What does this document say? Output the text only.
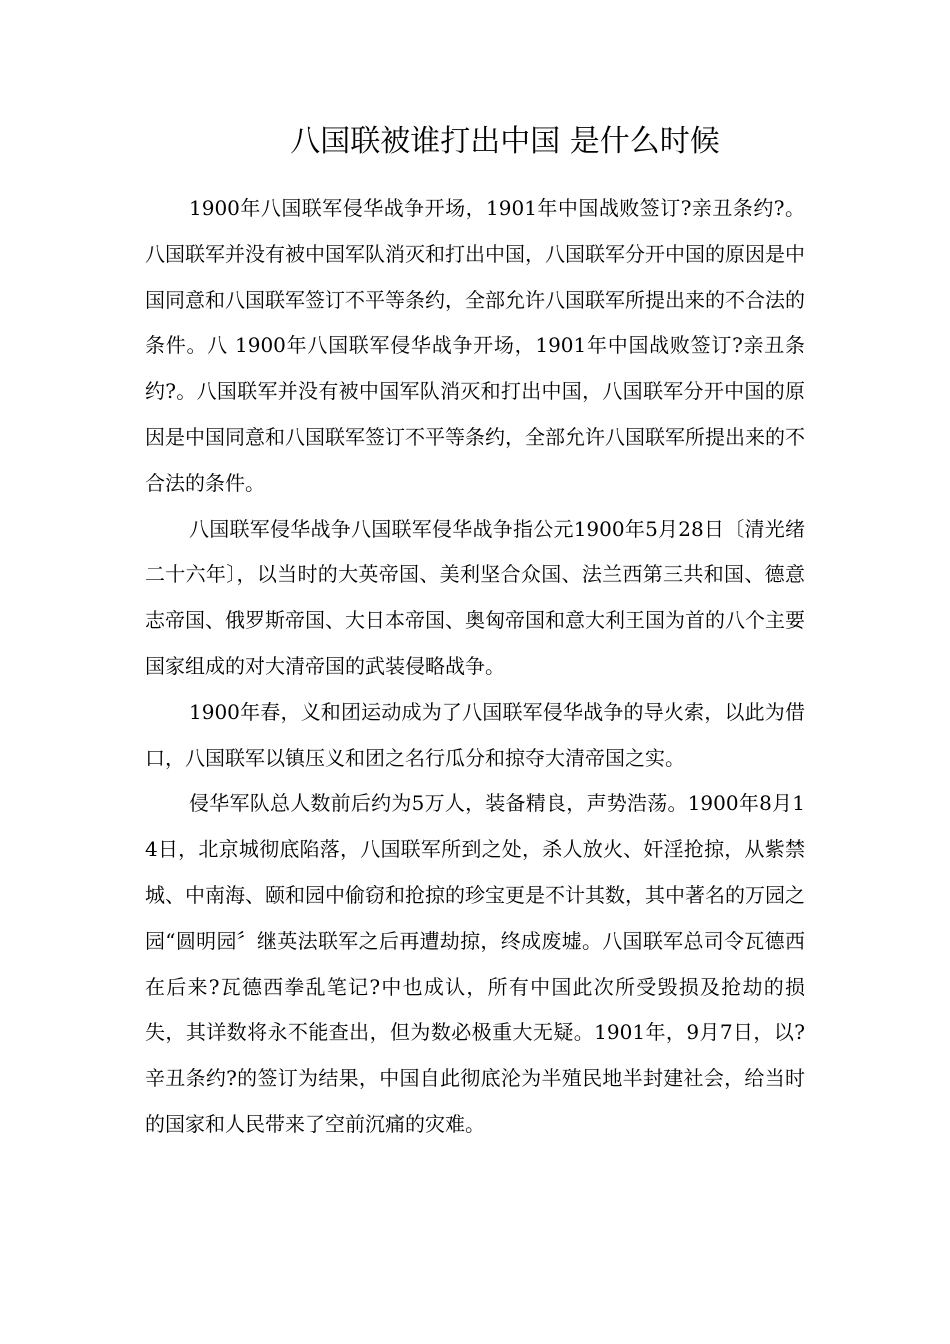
八国联被谁打出中国 是什么时候

1900年八国联军侵华战争开场，1901年中国战败签订?亲丑条约?。八国联军并没有被中国军队消灭和打出中国，八国联军分开中国的原因是中国同意和八国联军签订不平等条约，全部允许八国联军所提出来的不合法的条件。八 1900年八国联军侵华战争开场，1901年中国战败签订?亲丑条约?。八国联军并没有被中国军队消灭和打出中国，八国联军分开中国的原因是中国同意和八国联军签订不平等条约，全部允许八国联军所提出来的不合法的条件。

八国联军侵华战争八国联军侵华战争指公元1900年5月28日〔清光绪二十六年〕，以当时的大英帝国、美利坚合众国、法兰西第三共和国、德意志帝国、俄罗斯帝国、大日本帝国、奥匈帝国和意大利王国为首的八个主要国家组成的对大清帝国的武装侵略战争。

1900年春，义和团运动成为了八国联军侵华战争的导火索，以此为借口，八国联军以镇压义和团之名行瓜分和掠夺大清帝国之实。

侵华军队总人数前后约为5万人，装备精良，声势浩荡。1900年8月14日，北京城彻底陷落，八国联军所到之处，杀人放火、奸淫抢掠，从紫禁城、中南海、颐和园中偷窃和抢掠的珍宝更是不计其数，其中著名的万园之园“圆明园〞继英法联军之后再遭劫掠，终成废墟。八国联军总司令瓦德西在后来?瓦德西拳乱笔记?中也成认，所有中国此次所受毁损及抢劫的损失，其详数将永不能查出，但为数必极重大无疑。1901年，9月7日，以?辛丑条约?的签订为结果，中国自此彻底沦为半殖民地半封建社会，给当时的国家和人民带来了空前沉痛的灾难。
